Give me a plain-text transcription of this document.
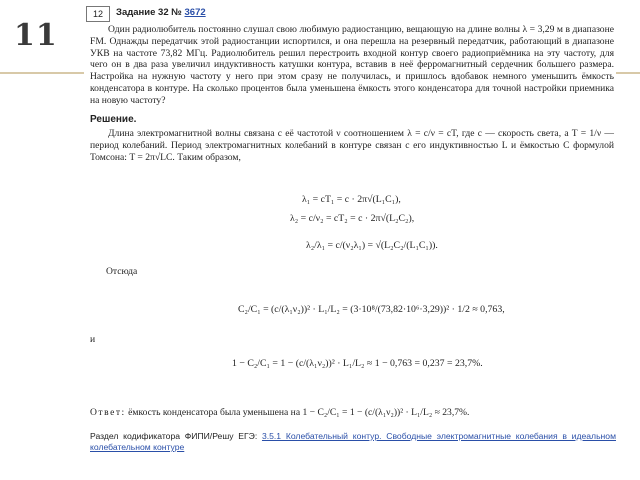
11
12	Задание 32 № 3672
Один радиолюбитель постоянно слушал свою любимую радиостанцию, вещающую на длине волны λ = 3,29 м в диапазоне FM. Однажды передатчик этой радиостанции испортился, и она перешла на резервный передатчик, работающий в диапазоне УКВ на частоте 73,82 МГц. Радиолюбитель решил перестроить входной контур своего радиоприёмника на эту частоту, для чего он в два раза увеличил индуктивность катушки контура, вставив в неё ферромагнитный сердечник большего размера. Настройка на нужную частоту у него при этом сразу не получилась, и пришлось вдобавок немного уменьшить ёмкость конденсатора в контуре. На сколько процентов была уменьшена ёмкость этого конденсатора для точной настройки приемника на новую частоту?
Решение.
Длина электромагнитной волны связана с её частотой ν соотношением λ = c/ν = cT, где c — скорость света, а T = 1/ν — период колебаний. Период электромагнитных колебаний в контуре связан с его индуктивностью L и ёмкостью C формулой Томсона: T = 2π√LC. Таким образом,
λ₁ = cT₁ = c · 2π√(L₁C₁),
λ₂ = c/ν₂ = cT₂ = c · 2π√(L₂C₂),
λ₂/λ₁ = c/(ν₂λ₁) = √(L₂C₂/(L₁C₁)).
Отсюда
C₂/C₁ = (c/(λ₁ν₂))² · L₁/L₂ = (3·10⁸/(73,82·10⁶·3,29))² · 1/2 ≈ 0,763,
и
1 − C₂/C₁ = 1 − (c/(λ₁ν₂))² · L₁/L₂ ≈ 1 − 0,763 = 0,237 = 23,7%.
Ответ: ёмкость конденсатора была уменьшена на 1 − C₂/C₁ = 1 − (c/(λ₁ν₂))² · L₁/L₂ ≈ 23,7%.
Раздел кодификатора ФИПИ/Решу ЕГЭ: 3.5.1 Колебательный контур. Свободные электромагнитные колебания в идеальном колебательном контуре
